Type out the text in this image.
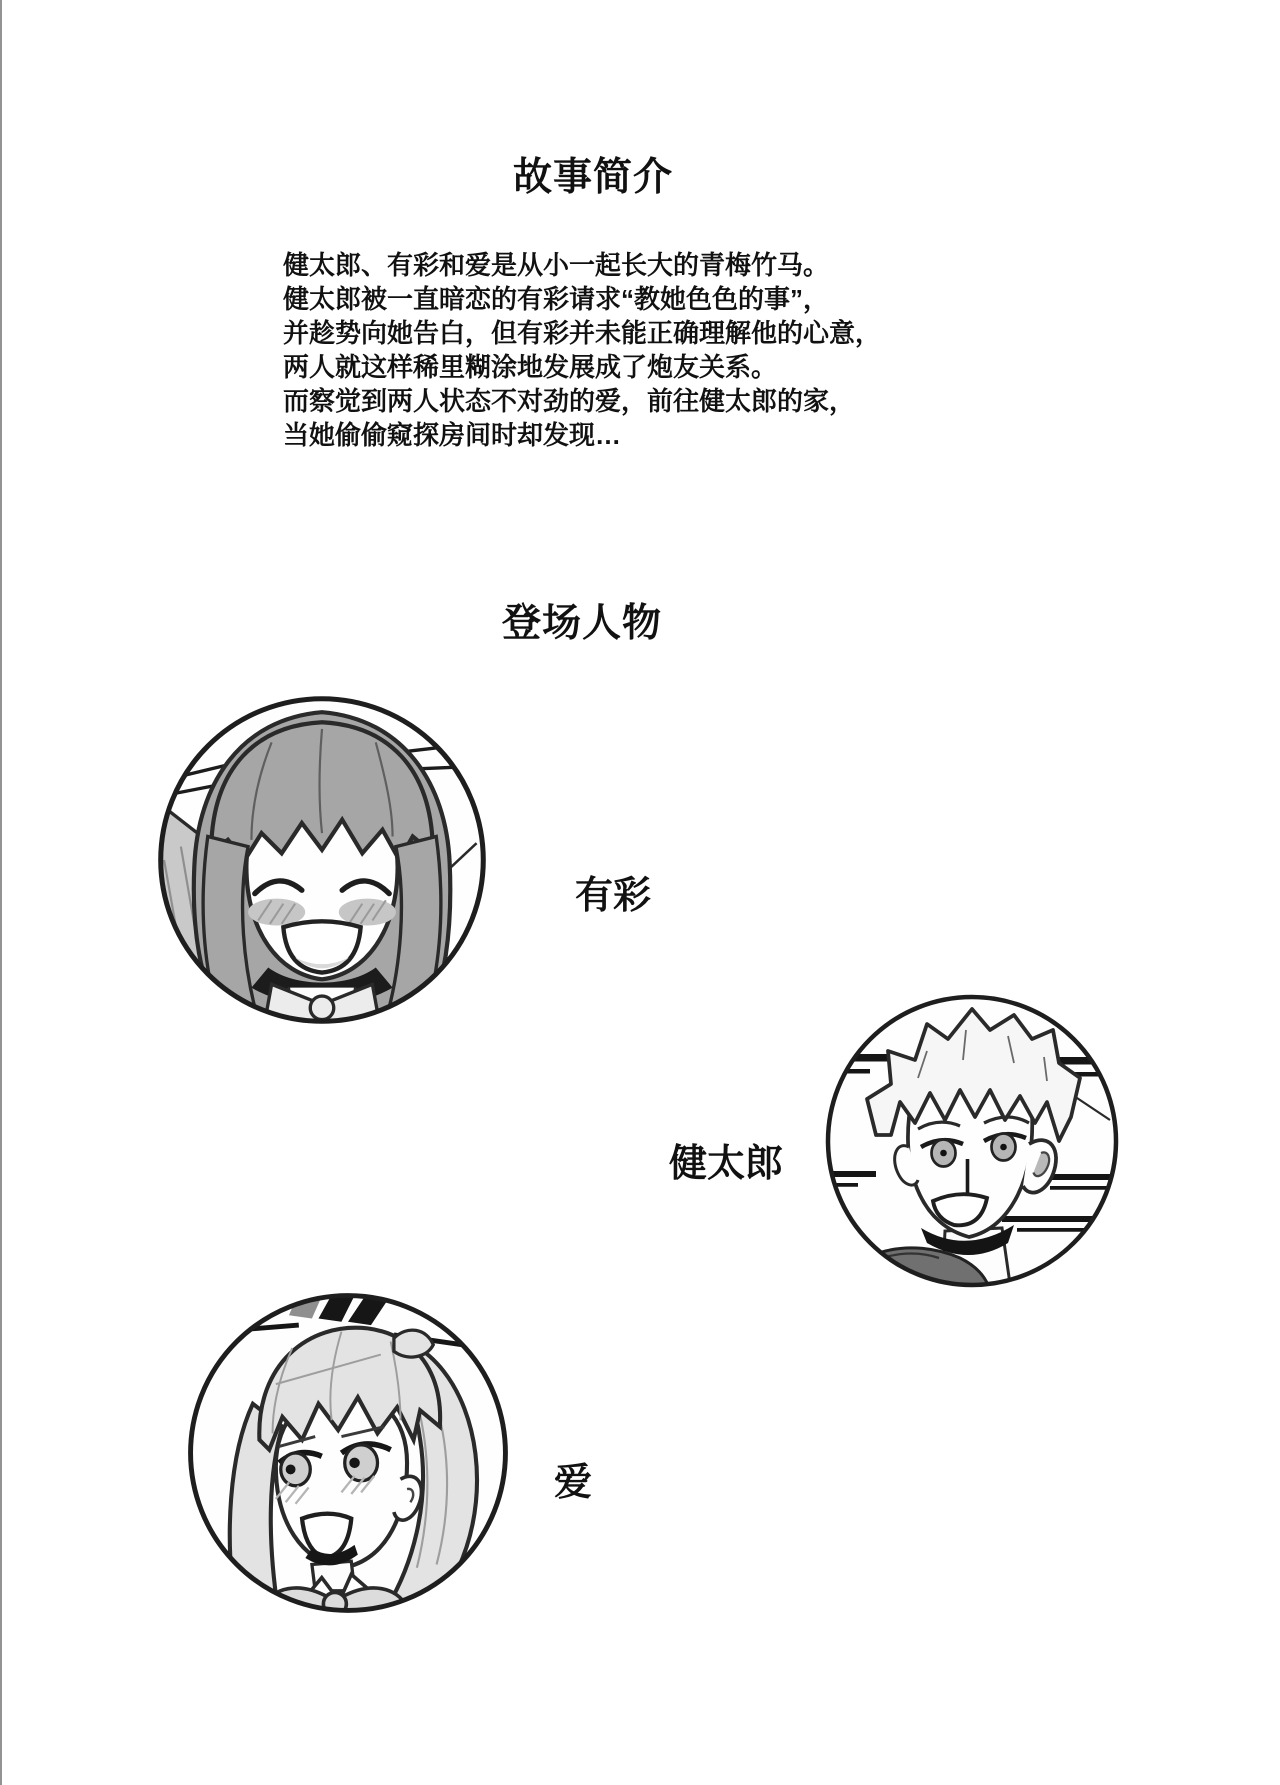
故事简介

健太郎、有彩和爱是从小一起长大的青梅竹马。

健太郎被一直暗恋的有彩请求“教她色色的事”，

并趁势向她告白，但有彩并未能正确理解他的心意，

两人就这样稀里糊涂地发展成了炮友关系。

而察觉到两人状态不对劲的爱，前往健太郎的家，

当她偷偷窥探房间时却发现…

登场人物
有彩
健太郎
爱
